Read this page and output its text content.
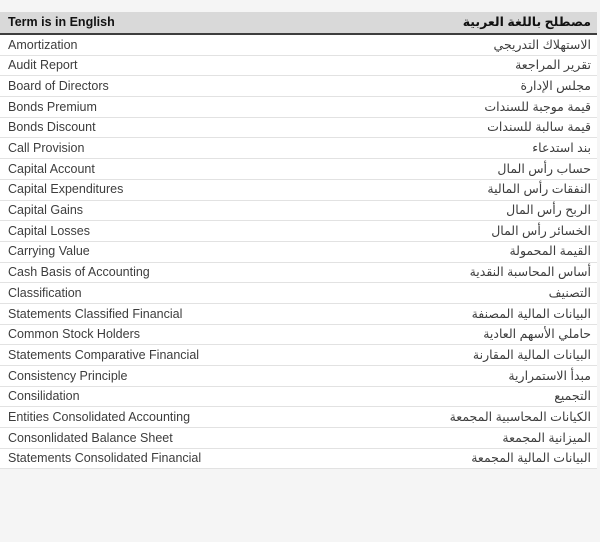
Term is in English	مصطلح باللغة العربية
Amortization	الاستهلاك التدريجي
Audit Report	تقرير المراجعة
Board of Directors	مجلس الإدارة
Bonds Premium	قيمة موجبة للسندات
Bonds Discount	قيمة سالبة للسندات
Call Provision	بند استدعاء
Capital Account	حساب رأس المال
Capital Expenditures	النفقات رأس المالية
Capital Gains	الربح رأس المال
Capital Losses	الخسائر رأس المال
Carrying Value	القيمة المحمولة
Cash Basis of Accounting	أساس المحاسبة النقدية
Classification	التصنيف
Statements Classified Financial	البيانات المالية المصنفة
Common Stock Holders	حاملي الأسهم العادية
Statements Comparative Financial	البيانات المالية المقارنة
Consistency Principle	مبدأ الاستمرارية
Consilidation	التجميع
Entities Consolidated Accounting	الكيانات المحاسبية المجمعة
Consonlidated Balance Sheet	الميزانية المجمعة
Statements Consolidated Financial	البيانات المالية المجمعة
